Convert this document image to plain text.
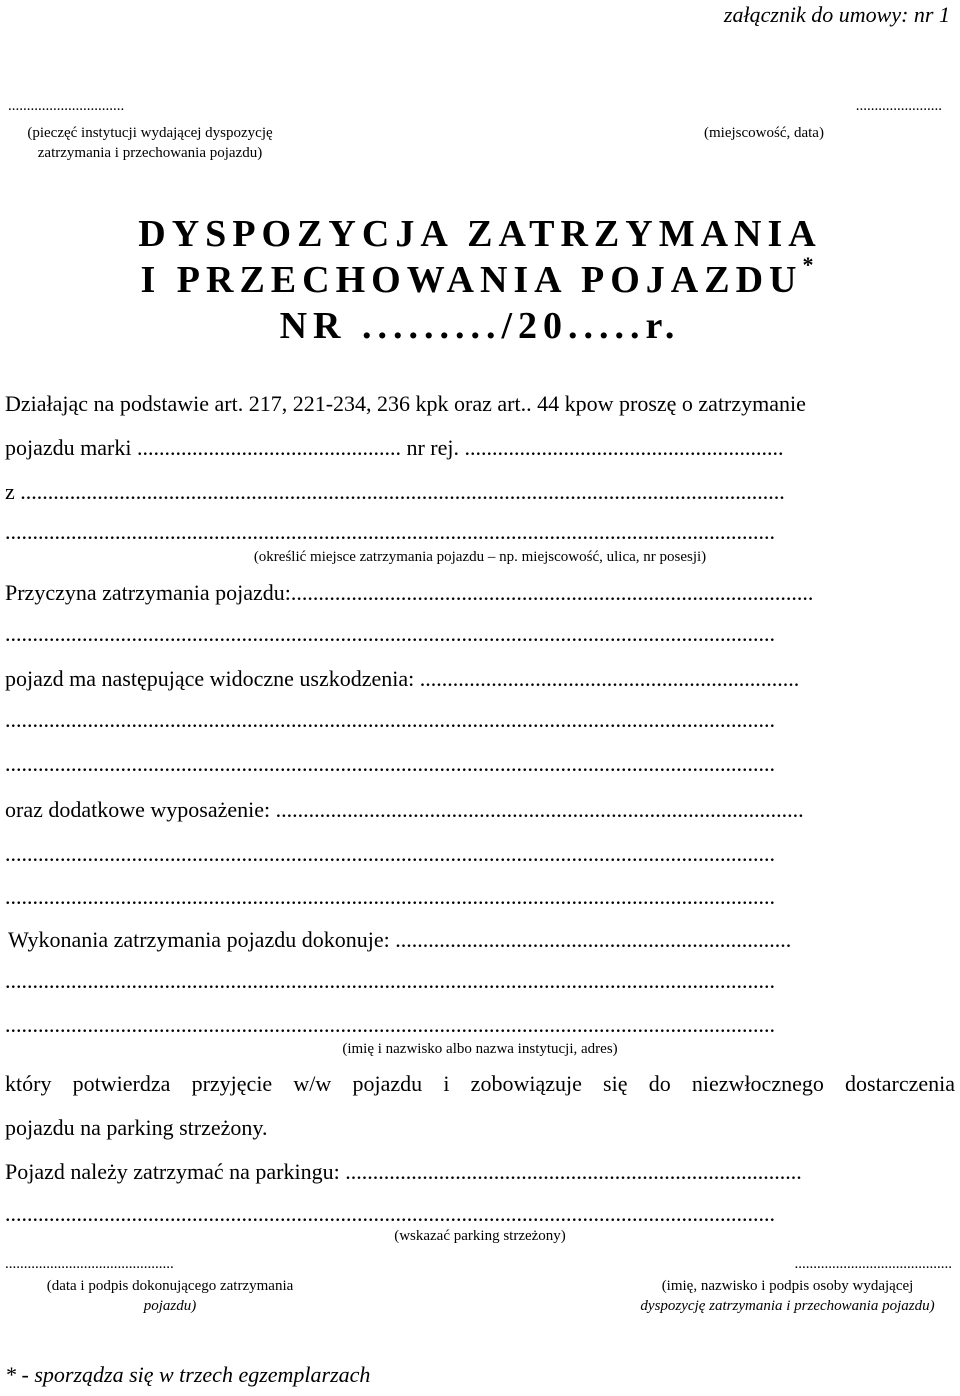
załącznik do umowy: nr 1
...............................
(pieczęć instytucji wydającej dyspozycję
zatrzymania i przechowania pojazdu)
.......................
(miejscowość, data)
DYSPOZYCJA ZATRZYMANIA
I PRZECHOWANIA POJAZDU*
NR ........./20.....r.
Działając na podstawie art. 217, 221-234, 236 kpk oraz art.. 44 kpow proszę o zatrzymanie
pojazdu marki ................................................ nr rej. ..........................................................
z ...........................................................................................................................................
............................................................................................................................................
(określić miejsce zatrzymania pojazdu – np. miejscowość, ulica, nr posesji)
Przyczyna zatrzymania pojazdu:...............................................................................................
............................................................................................................................................
pojazd ma następujące widoczne uszkodzenia: .....................................................................
............................................................................................................................................
............................................................................................................................................
oraz dodatkowe wyposażenie: ................................................................................................
............................................................................................................................................
............................................................................................................................................
Wykonania zatrzymania pojazdu dokonuje: ........................................................................
............................................................................................................................................
............................................................................................................................................
(imię i nazwisko albo nazwa instytucji, adres)
który potwierdza przyjęcie w/w pojazdu i zobowiązuje się do niezwłocznego dostarczenia
pojazdu na parking strzeżony.
Pojazd należy zatrzymać na parkingu: ...................................................................................
............................................................................................................................................
(wskazać parking strzeżony)
.............................................
(data i podpis dokonującego zatrzymania
pojazdu)
..........................................
(imię, nazwisko i podpis osoby wydającej
dyspozycję zatrzymania i przechowania pojazdu)
* - sporządza się w trzech egzemplarzach
